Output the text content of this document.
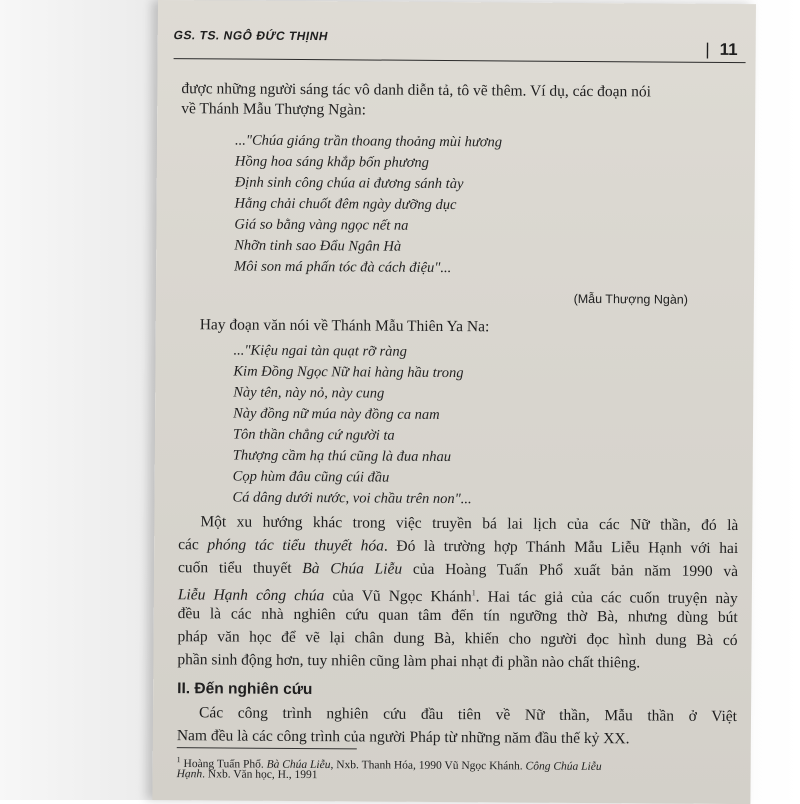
GS. TS. NGÔ ĐỨC THỊNH
| 11
được những người sáng tác vô danh diễn tả, tô vẽ thêm. Ví dụ, các đoạn nói
về Thánh Mẫu Thượng Ngàn:
..."Chúa giáng trần thoang thoảng mùi hương
Hồng hoa sáng khắp bốn phương
Định sinh công chúa ai đương sánh tày
Hằng chải chuốt đêm ngày dưỡng dục
Giá so bằng vàng ngọc nết na
Nhỡn tinh sao Đẩu Ngân Hà
Môi son má phấn tóc đà cách điệu"...
(Mẫu Thượng Ngàn)
Hay đoạn văn nói về Thánh Mẫu Thiên Ya Na:
..."Kiệu ngai tàn quạt rỡ ràng
Kim Đồng Ngọc Nữ hai hàng hầu trong
Này tên, này nỏ, này cung
Này đồng nữ múa này đồng ca nam
Tôn thần chẳng cứ người ta
Thượng cầm hạ thú cũng là đua nhau
Cọp hùm đâu cũng cúi đầu
Cá dâng dưới nước, voi chầu trên non"...
Một xu hướng khác trong việc truyền bá lai lịch của các Nữ thần, đó là
các phóng tác tiểu thuyết hóa. Đó là trường hợp Thánh Mẫu Liễu Hạnh với hai
cuốn tiểu thuyết Bà Chúa Liễu của Hoàng Tuấn Phổ xuất bản năm 1990 và
Liễu Hạnh công chúa của Vũ Ngọc Khánh$^1$. Hai tác giả của các cuốn truyện này
đều là các nhà nghiên cứu quan tâm đến tín ngưỡng thờ Bà, nhưng dùng bút
pháp văn học để vẽ lại chân dung Bà, khiến cho người đọc hình dung Bà có
phần sinh động hơn, tuy nhiên cũng làm phai nhạt đi phần nào chất thiêng.
II. Đến nghiên cứu
Các công trình nghiên cứu đầu tiên về Nữ thần, Mẫu thần ở Việt
Nam đều là các công trình của người Pháp từ những năm đầu thế kỷ XX.
$^1$ Hoàng Tuấn Phổ. Bà Chúa Liễu, Nxb. Thanh Hóa, 1990 Vũ Ngọc Khánh. Công Chúa Liễu
Hạnh. Nxb. Văn học, H., 1991
